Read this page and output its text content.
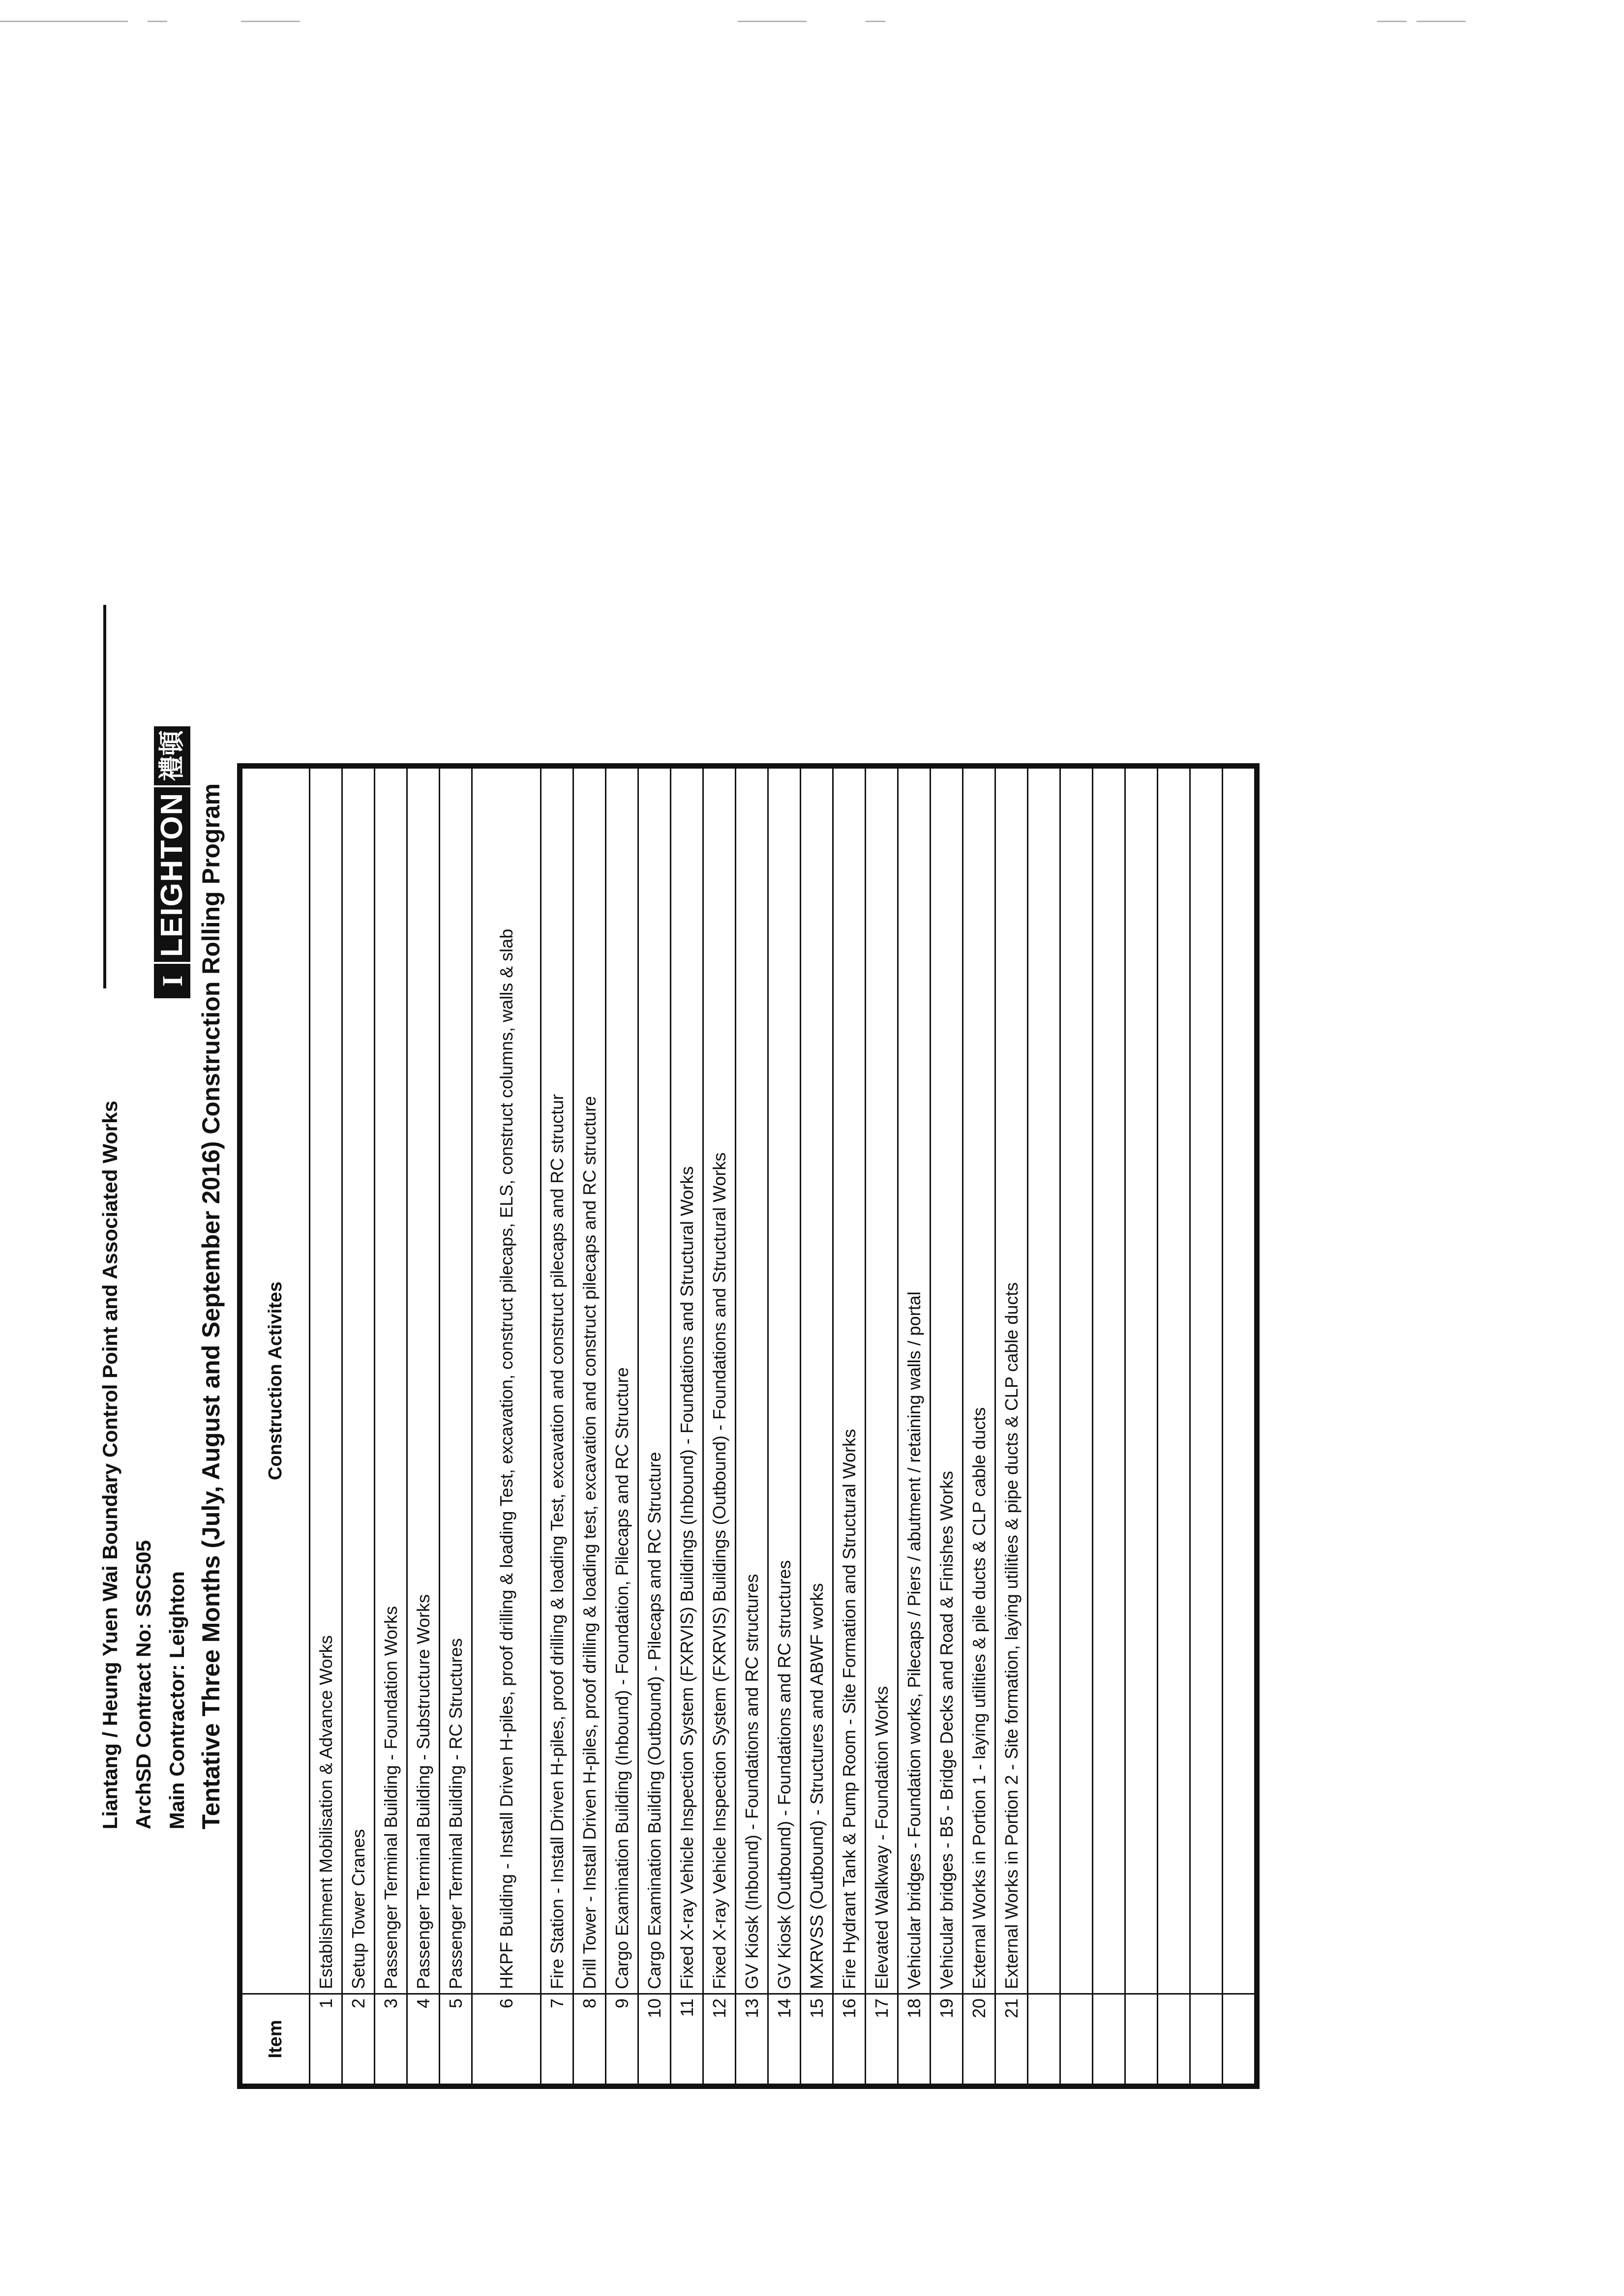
Liantang / Heung Yuen Wai Boundary Control Point and Associated Works ArchSD Contract No: SSC505 Main Contractor: Leighton
I
LEIGHTON
禮頓
Tentative Three Months (July, August and September 2016) Construction Rolling Program
Item	Construction Activites
1	Establishment Mobilisation & Advance Works
2	Setup Tower Cranes
3	Passenger Terminal Building - Foundation Works
4	Passenger Terminal Building - Substructure Works
5	Passenger Terminal Building - RC Structures
6	HKPF Building - Install Driven H-piles, proof drilling & loading Test, excavation, construct pilecaps, ELS, construct columns, walls & slab
7	Fire Station - Install Driven H-piles, proof drilling & loading Test, excavation and construct pilecaps and RC structur
8	Drill Tower - Install Driven H-piles, proof drilling & loading test, excavation and construct pilecaps and RC structure
9	Cargo Examination Building (Inbound) - Foundation, Pilecaps and RC Structure
10	Cargo Examination Building (Outbound) - Pilecaps and RC Structure
11	Fixed X-ray Vehicle Inspection System (FXRVIS) Buildings (Inbound) - Foundations and Structural Works
12	Fixed X-ray Vehicle Inspection System (FXRVIS) Buildings (Outbound) - Foundations and Structural Works
13	GV Kiosk (Inbound) - Foundations and RC structures
14	GV Kiosk (Outbound) - Foundations and RC structures
15	MXRVSS (Outbound) - Structures and ABWF works
16	Fire Hydrant Tank & Pump Room - Site Formation and Structural Works
17	Elevated Walkway - Foundation Works
18	Vehicular bridges - Foundation works, Pilecaps / Piers / abutment / retaining walls / portal
19	Vehicular bridges - B5 - Bridge Decks and Road & Finishes Works
20	External Works in Portion 1 - laying utilities & pile ducts & CLP cable ducts
21	External Works in Portion 2 - Site formation, laying utilities & pipe ducts & CLP cable ducts
